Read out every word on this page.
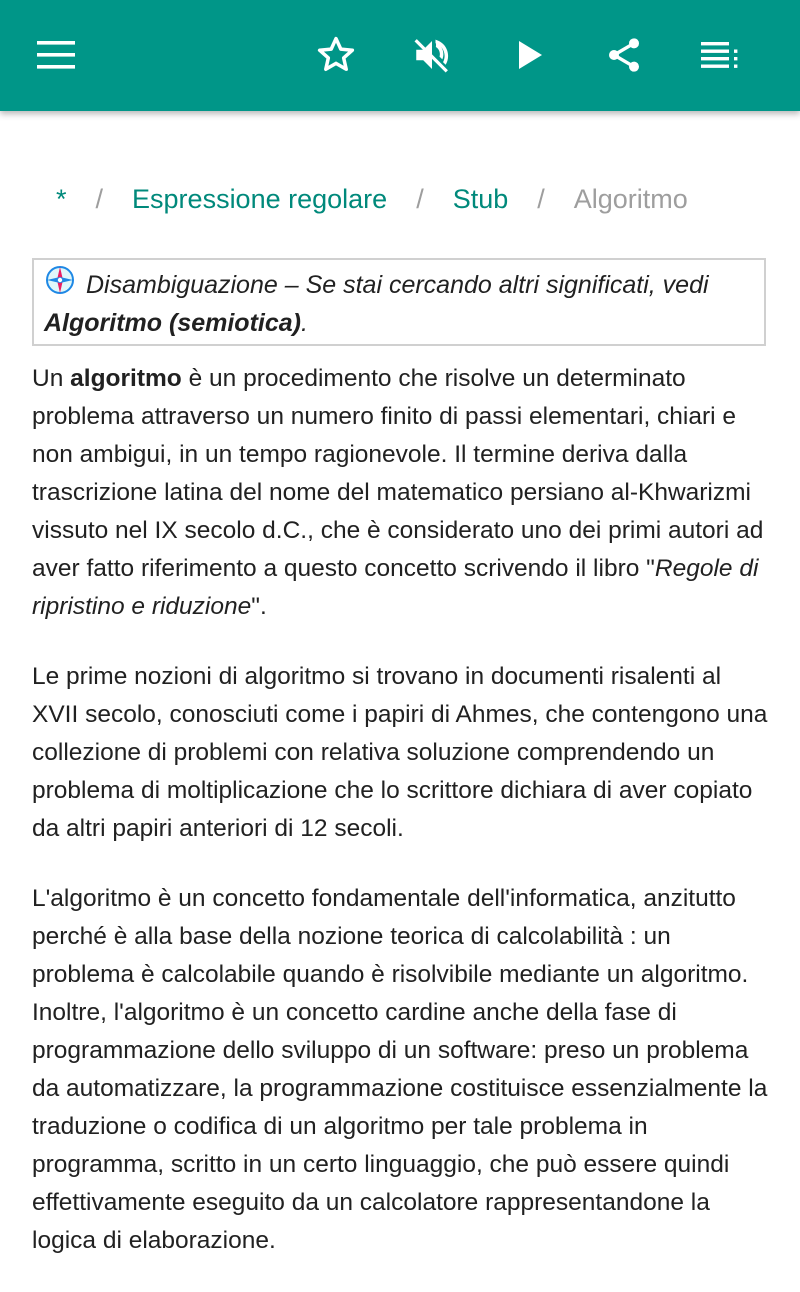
*	/	Espressione regolare	/	Stub	/	Algoritmo
Disambiguazione – Se stai cercando altri significati, vedi
Algoritmo (semiotica).

Un algoritmo è un procedimento che risolve un determinato problema attraverso un numero finito di passi elementari, chiari e non ambigui, in un tempo ragionevole. Il termine deriva dalla trascrizione latina del nome del matematico persiano al-Khwarizmi vissuto nel IX secolo d.C., che è considerato uno dei primi autori ad aver fatto riferimento a questo concetto scrivendo il libro "Regole di ripristino e riduzione".

Le prime nozioni di algoritmo si trovano in documenti risalenti al XVII secolo, conosciuti come i papiri di Ahmes, che contengono una collezione di problemi con relativa soluzione comprendendo un problema di moltiplicazione che lo scrittore dichiara di aver copiato da altri papiri anteriori di 12 secoli.

L'algoritmo è un concetto fondamentale dell'informatica, anzitutto perché è alla base della nozione teorica di calcolabilità : un problema è calcolabile quando è risolvibile mediante un algoritmo. Inoltre, l'algoritmo è un concetto cardine anche della fase di programmazione dello sviluppo di un software: preso un problema da automatizzare, la programmazione costituisce essenzialmente la traduzione o codifica di un algoritmo per tale problema in programma, scritto in un certo linguaggio, che può essere quindi effettivamente eseguito da un calcolatore rappresentandone la logica di elaborazione.
